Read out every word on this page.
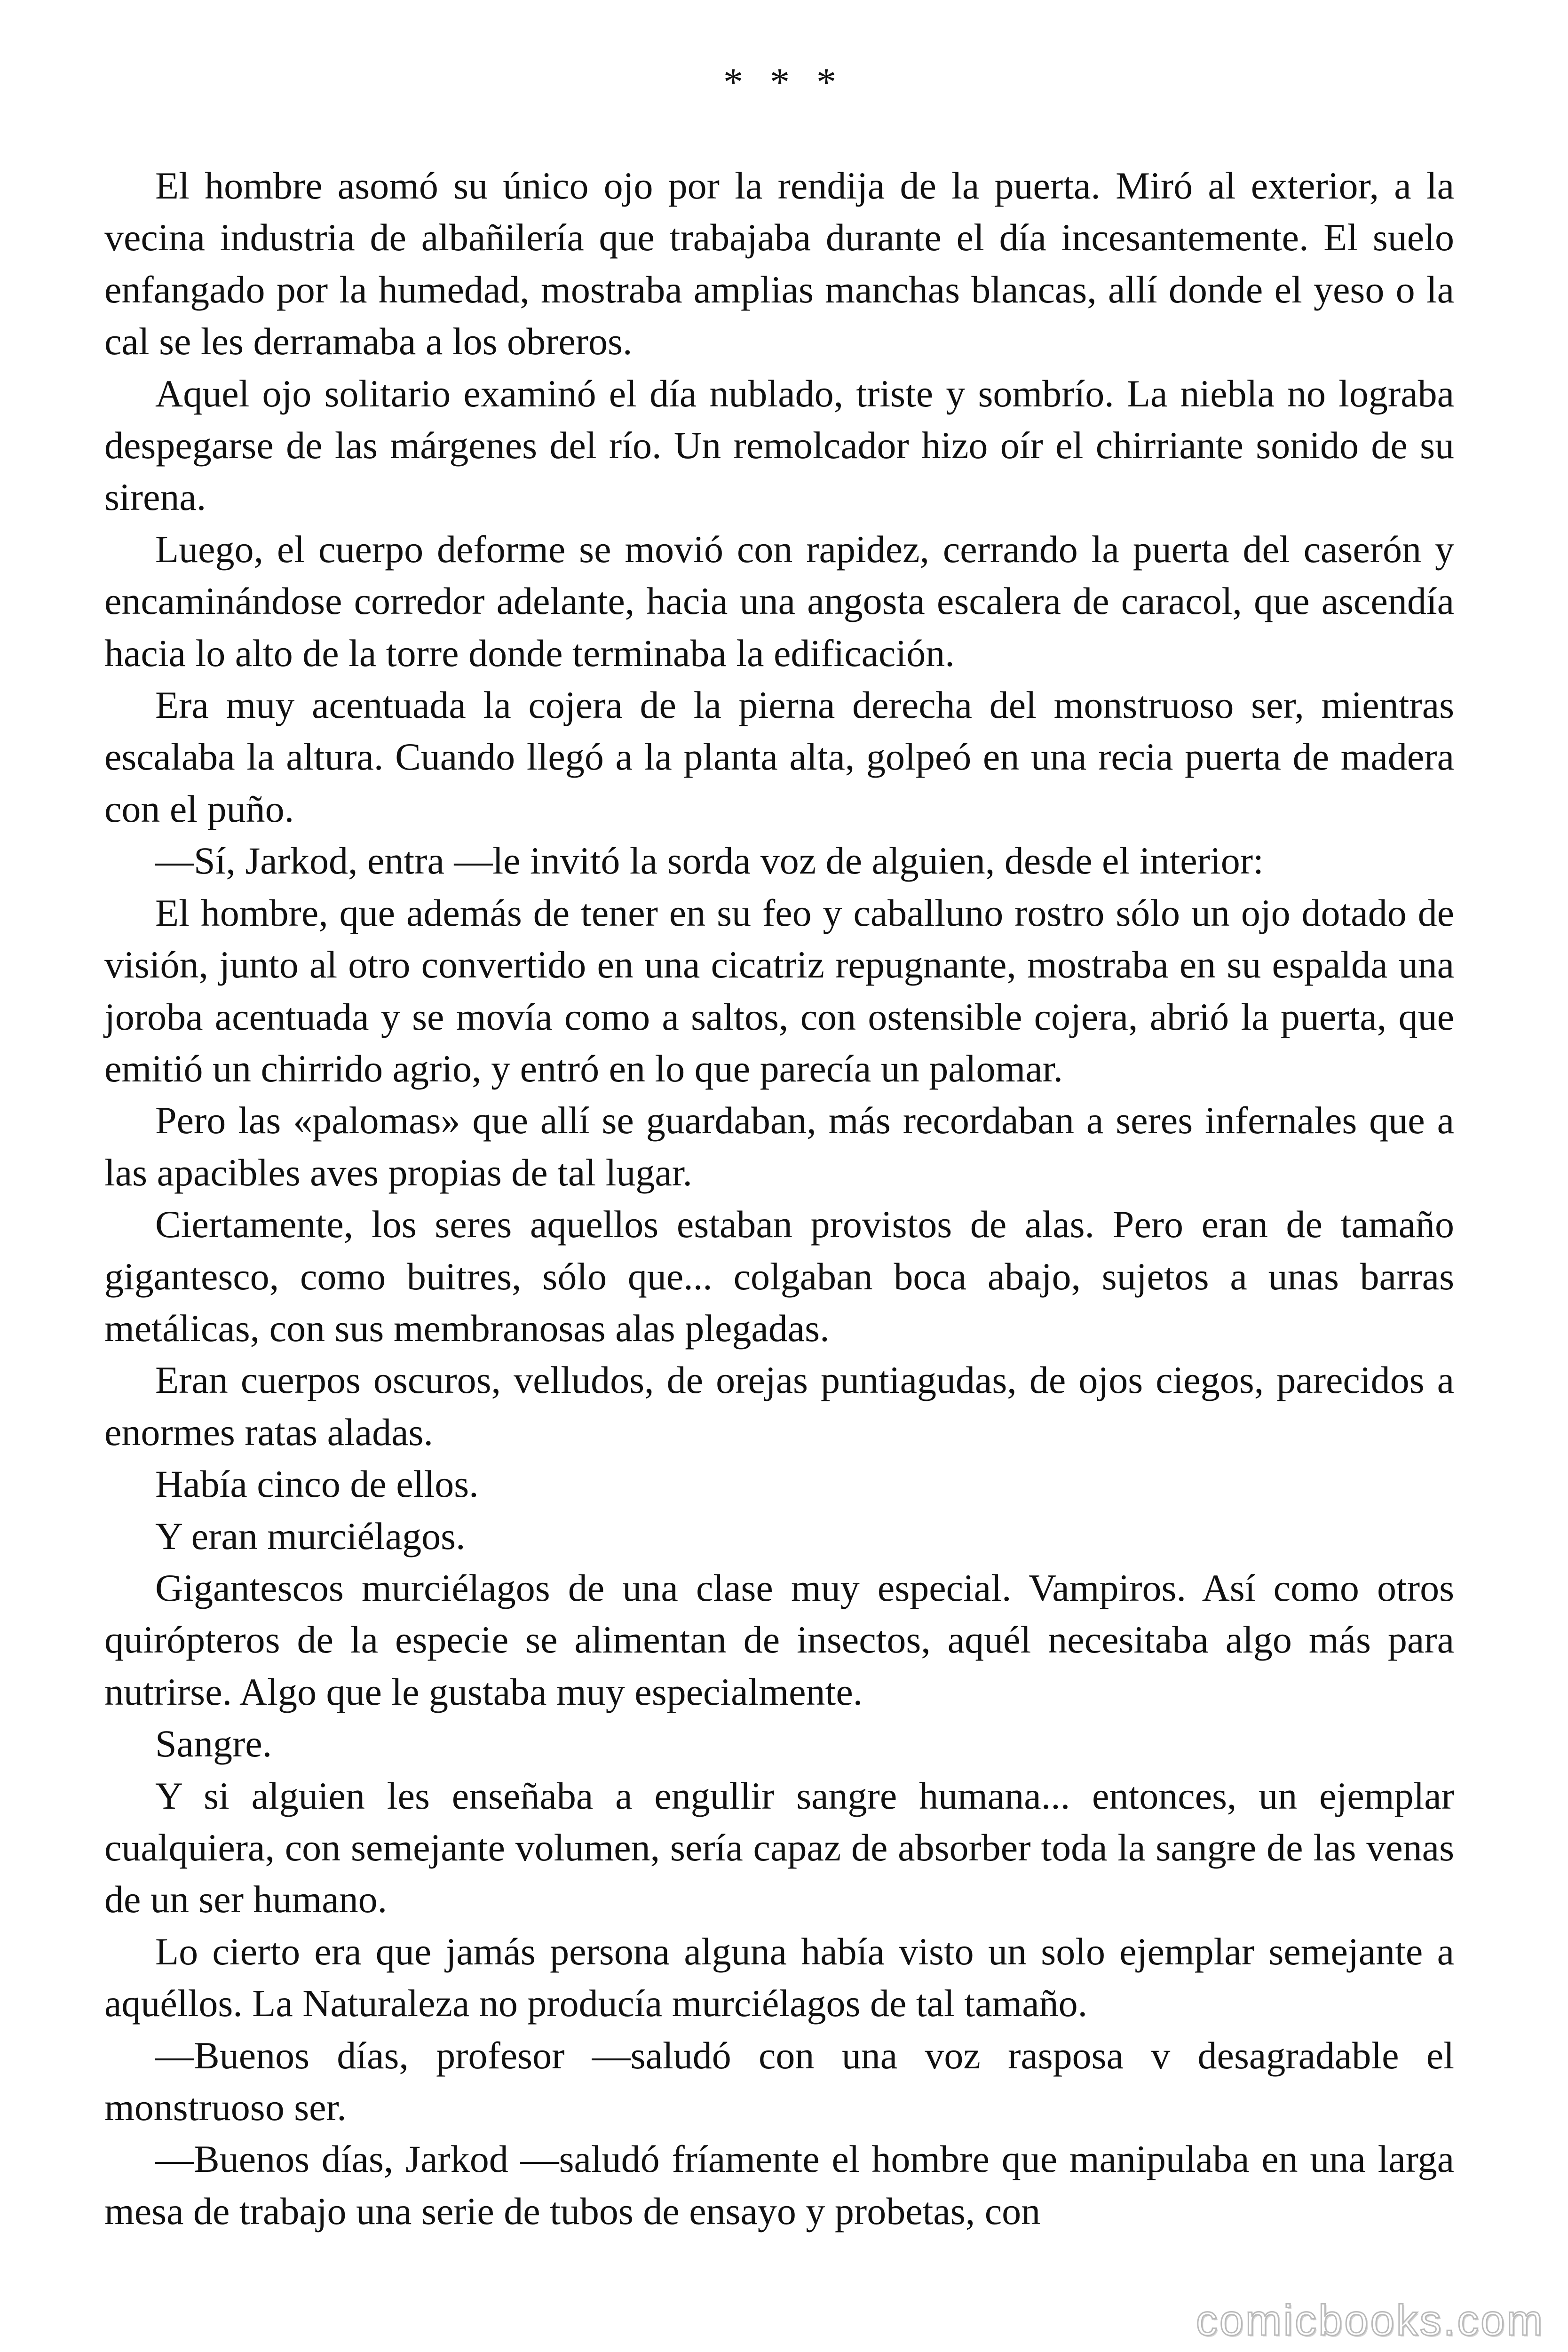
* * *

El hombre asomó su único ojo por la rendija de la puerta. Miró al exterior, a la vecina industria de albañilería que trabajaba durante el día incesantemente. El suelo enfangado por la humedad, mostraba amplias manchas blancas, allí donde el yeso o la cal se les derramaba a los obreros.

Aquel ojo solitario examinó el día nublado, triste y sombrío. La niebla no lograba despegarse de las márgenes del río. Un remolcador hizo oír el chirriante sonido de su sirena.

Luego, el cuerpo deforme se movió con rapidez, cerrando la puerta del caserón y encaminándose corredor adelante, hacia una angosta escalera de caracol, que ascendía hacia lo alto de la torre donde terminaba la edificación.

Era muy acentuada la cojera de la pierna derecha del monstruoso ser, mientras escalaba la altura. Cuando llegó a la planta alta, golpeó en una recia puerta de madera con el puño.

—Sí, Jarkod, entra —le invitó la sorda voz de alguien, desde el interior:

El hombre, que además de tener en su feo y caballuno rostro sólo un ojo dotado de visión, junto al otro convertido en una cicatriz repugnante, mostraba en su espalda una joroba acentuada y se movía como a saltos, con ostensible cojera, abrió la puerta, que emitió un chirrido agrio, y entró en lo que parecía un palomar.

Pero las «palomas» que allí se guardaban, más recordaban a seres infernales que a las apacibles aves propias de tal lugar.

Ciertamente, los seres aquellos estaban provistos de alas. Pero eran de tamaño gigantesco, como buitres, sólo que... colgaban boca abajo, sujetos a unas barras metálicas, con sus membranosas alas plegadas.

Eran cuerpos oscuros, velludos, de orejas puntiagudas, de ojos ciegos, parecidos a enormes ratas aladas.

Había cinco de ellos.

Y eran murciélagos.

Gigantescos murciélagos de una clase muy especial. Vampiros. Así como otros quirópteros de la especie se alimentan de insectos, aquél necesitaba algo más para nutrirse. Algo que le gustaba muy especialmente.

Sangre.

Y si alguien les enseñaba a engullir sangre humana... entonces, un ejemplar cualquiera, con semejante volumen, sería capaz de absorber toda la sangre de las venas de un ser humano.

Lo cierto era que jamás persona alguna había visto un solo ejemplar semejante a aquéllos. La Naturaleza no producía murciélagos de tal tamaño.

—Buenos días, profesor —saludó con una voz rasposa v desagradable el monstruoso ser.

—Buenos días, Jarkod —saludó fríamente el hombre que manipulaba en una larga mesa de trabajo una serie de tubos de ensayo y probetas, con

comicbooks.com
